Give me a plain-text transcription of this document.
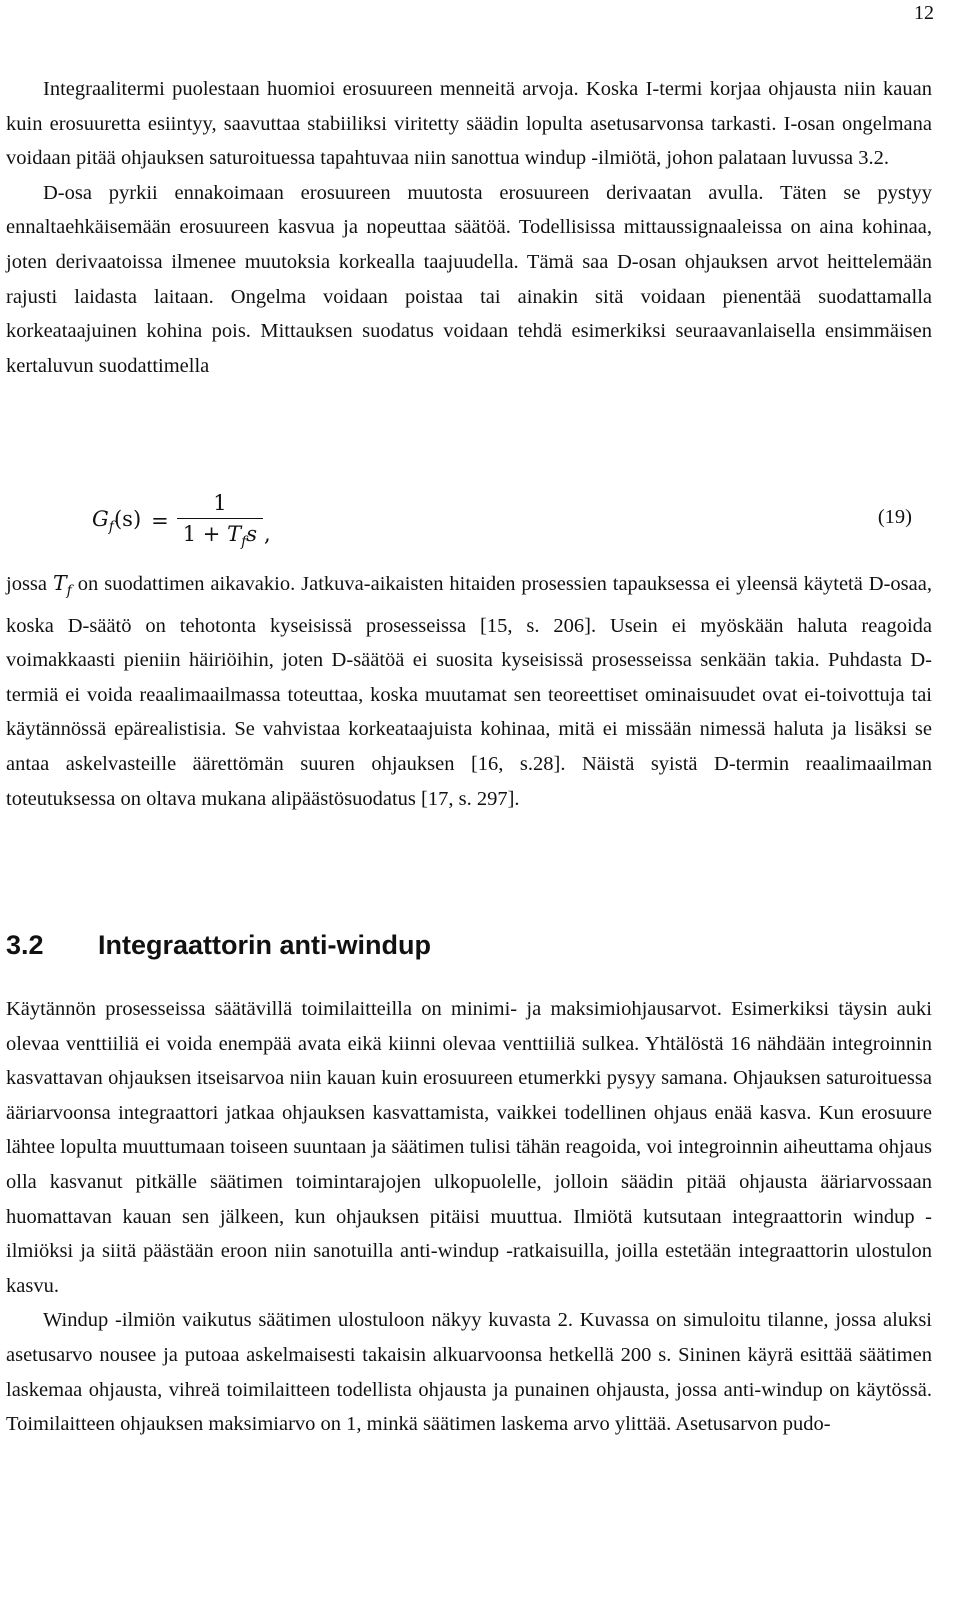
12

Integraalitermi puolestaan huomioi erosuureen menneitä arvoja. Koska I-termi korjaa ohjausta niin kauan kuin erosuuretta esiintyy, saavuttaa stabiiliksi viritetty säädin lopulta asetusarvonsa tarkasti. I-osan ongelmana voidaan pitää ohjauksen saturoituessa tapahtuvaa niin sanottua windup -ilmiötä, johon palataan luvussa 3.2.

D-osa pyrkii ennakoimaan erosuureen muutosta erosuureen derivaatan avulla. Täten se pystyy ennaltaehkäisemään erosuureen kasvua ja nopeuttaa säätöä. Todellisissa mittaussignaaleissa on aina kohinaa, joten derivaatoissa ilmenee muutoksia korkealla taajuudella. Tämä saa D-osan ohjauksen arvot heittelemään rajusti laidasta laitaan. Ongelma voidaan poistaa tai ainakin sitä voidaan pienentää suodattamalla korkeataajuinen kohina pois. Mittauksen suodatus voidaan tehdä esimerkiksi seuraavanlaisella ensimmäisen kertaluvun suodattimella

$G_f(s) = \frac{1}{1 + T_fs}$ ,
(19)

jossa $T_f$ on suodattimen aikavakio. Jatkuva-aikaisten hitaiden prosessien tapauksessa ei yleensä käytetä D-osaa, koska D-säätö on tehotonta kyseisissä prosesseissa [15, s. 206]. Usein ei myöskään haluta reagoida voimakkaasti pieniin häiriöihin, joten D-säätöä ei suosita kyseisissä prosesseissa senkään takia. Puhdasta D-termiä ei voida reaalimaailmassa toteuttaa, koska muutamat sen teoreettiset ominaisuudet ovat ei-toivottuja tai käytännössä epärealistisia. Se vahvistaa korkeataajuista kohinaa, mitä ei missään nimessä haluta ja lisäksi se antaa askelvasteille äärettömän suuren ohjauksen [16, s.28]. Näistä syistä D-termin reaalimaailman toteutuksessa on oltava mukana alipäästösuodatus [17, s. 297].

3.2 Integraattorin anti-windup

Käytännön prosesseissa säätävillä toimilaitteilla on minimi- ja maksimiohjausarvot. Esimerkiksi täysin auki olevaa venttiiliä ei voida enempää avata eikä kiinni olevaa venttiiliä sulkea. Yhtälöstä 16 nähdään integroinnin kasvattavan ohjauksen itseisarvoa niin kauan kuin erosuureen etumerkki pysyy samana. Ohjauksen saturoituessa ääriarvoonsa integraattori jatkaa ohjauksen kasvattamista, vaikkei todellinen ohjaus enää kasva. Kun erosuure lähtee lopulta muuttumaan toiseen suuntaan ja säätimen tulisi tähän reagoida, voi integroinnin aiheuttama ohjaus olla kasvanut pitkälle säätimen toimintarajojen ulkopuolelle, jolloin säädin pitää ohjausta ääriarvossaan huomattavan kauan sen jälkeen, kun ohjauksen pitäisi muuttua. Ilmiötä kutsutaan integraattorin windup -ilmiöksi ja siitä päästään eroon niin sanotuilla anti-windup -ratkaisuilla, joilla estetään integraattorin ulostulon kasvu.

Windup -ilmiön vaikutus säätimen ulostuloon näkyy kuvasta 2. Kuvassa on simuloitu tilanne, jossa aluksi asetusarvo nousee ja putoaa askelmaisesti takaisin alkuarvoonsa hetkellä 200 s. Sininen käyrä esittää säätimen laskemaa ohjausta, vihreä toimilaitteen todellista ohjausta ja punainen ohjausta, jossa anti-windup on käytössä. Toimilaitteen ohjauksen maksimiarvo on 1, minkä säätimen laskema arvo ylittää. Asetusarvon pudo-
